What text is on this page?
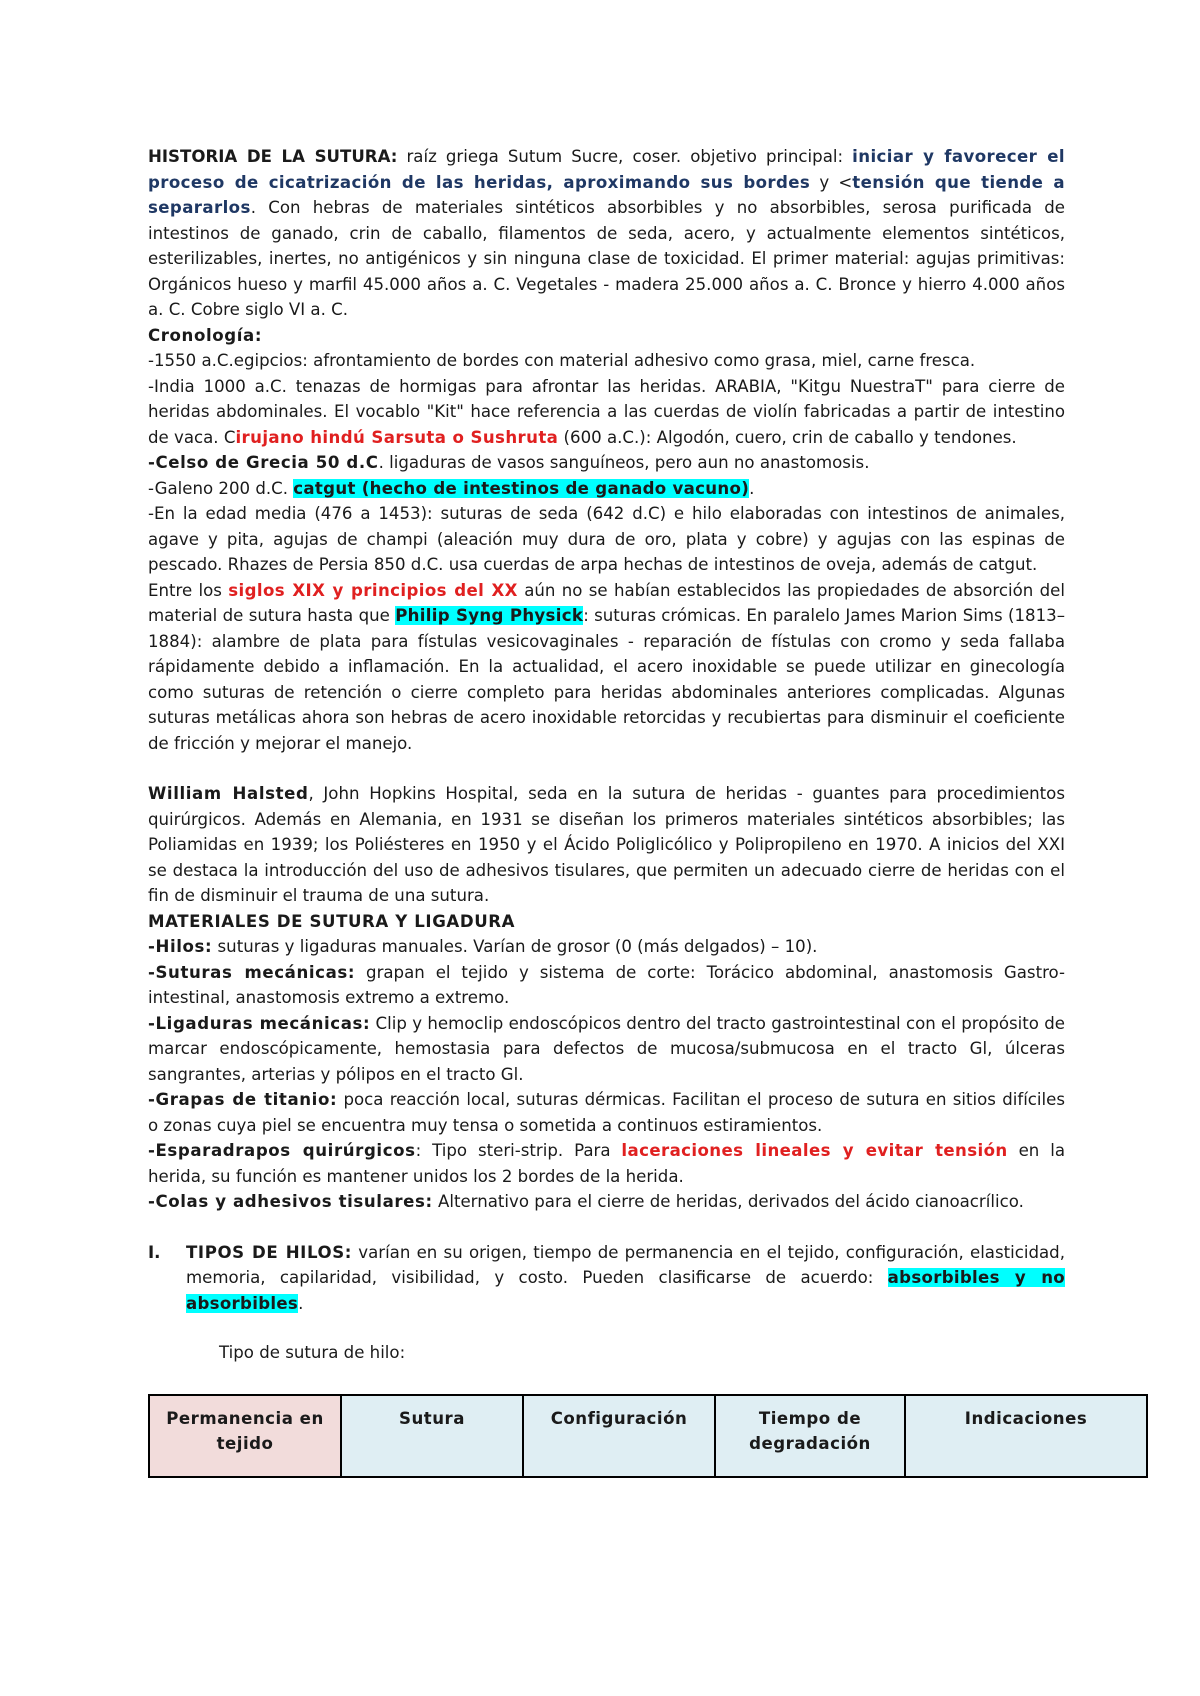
HISTORIA DE LA SUTURA: raíz griega Sutum Sucre, coser. objetivo principal: iniciar y favorecer el proceso de cicatrización de las heridas, aproximando sus bordes y <tensión que tiende a separarlos. Con hebras de materiales sintéticos absorbibles y no absorbibles, serosa purificada de intestinos de ganado, crin de caballo, filamentos de seda, acero, y actualmente elementos sintéticos, esterilizables, inertes, no antigénicos y sin ninguna clase de toxicidad. El primer material: agujas primitivas: Orgánicos hueso y marfil 45.000 años a. C. Vegetales - madera 25.000 años a. C. Bronce y hierro 4.000 años a. C. Cobre siglo VI a. C.

Cronología:

-1550 a.C.egipcios: afrontamiento de bordes con material adhesivo como grasa, miel, carne fresca.

-India 1000 a.C. tenazas de hormigas para afrontar las heridas. ARABIA, "Kitgu NuestraT" para cierre de heridas abdominales. El vocablo "Kit" hace referencia a las cuerdas de violín fabricadas a partir de intestino de vaca. Cirujano hindú Sarsuta o Sushruta (600 a.C.): Algodón, cuero, crin de caballo y tendones.

-Celso de Grecia 50 d.C. ligaduras de vasos sanguíneos, pero aun no anastomosis.

-Galeno 200 d.C. catgut (hecho de intestinos de ganado vacuno).

-En la edad media (476 a 1453): suturas de seda (642 d.C) e hilo elaboradas con intestinos de animales, agave y pita, agujas de champi (aleación muy dura de oro, plata y cobre) y agujas con las espinas de pescado. Rhazes de Persia 850 d.C. usa cuerdas de arpa hechas de intestinos de oveja, además de catgut.

Entre los siglos XIX y principios del XX aún no se habían establecidos las propiedades de absorción del material de sutura hasta que Philip Syng Physick: suturas crómicas. En paralelo James Marion Sims (1813–1884): alambre de plata para fístulas vesicovaginales - reparación de fístulas con cromo y seda fallaba rápidamente debido a inflamación. En la actualidad, el acero inoxidable se puede utilizar en ginecología como suturas de retención o cierre completo para heridas abdominales anteriores complicadas. Algunas suturas metálicas ahora son hebras de acero inoxidable retorcidas y recubiertas para disminuir el coeficiente de fricción y mejorar el manejo.

William Halsted, John Hopkins Hospital, seda en la sutura de heridas - guantes para procedimientos quirúrgicos. Además en Alemania, en 1931 se diseñan los primeros materiales sintéticos absorbibles; las Poliamidas en 1939; los Poliésteres en 1950 y el Ácido Poliglicólico y Polipropileno en 1970. A inicios del XXI se destaca la introducción del uso de adhesivos tisulares, que permiten un adecuado cierre de heridas con el fin de disminuir el trauma de una sutura.

MATERIALES DE SUTURA Y LIGADURA

-Hilos: suturas y ligaduras manuales. Varían de grosor (0 (más delgados) – 10).

-Suturas mecánicas: grapan el tejido y sistema de corte: Torácico abdominal, anastomosis Gastro-intestinal, anastomosis extremo a extremo.

-Ligaduras mecánicas: Clip y hemoclip endoscópicos dentro del tracto gastrointestinal con el propósito de marcar endoscópicamente, hemostasia para defectos de mucosa/submucosa en el tracto Gl, úlceras sangrantes, arterias y pólipos en el tracto Gl.

-Grapas de titanio: poca reacción local, suturas dérmicas. Facilitan el proceso de sutura en sitios difíciles o zonas cuya piel se encuentra muy tensa o sometida a continuos estiramientos.

-Esparadrapos quirúrgicos: Tipo steri-strip. Para laceraciones lineales y evitar tensión en la herida, su función es mantener unidos los 2 bordes de la herida.

-Colas y adhesivos tisulares: Alternativo para el cierre de heridas, derivados del ácido cianoacrílico.

I.	TIPOS DE HILOS: varían en su origen, tiempo de permanencia en el tejido, configuración, elasticidad, memoria, capilaridad, visibilidad, y costo. Pueden clasificarse de acuerdo: absorbibles y no absorbibles.

Tipo de sutura de hilo:

Permanencia en tejido	Sutura	Configuración	Tiempo de degradación	Indicaciones
